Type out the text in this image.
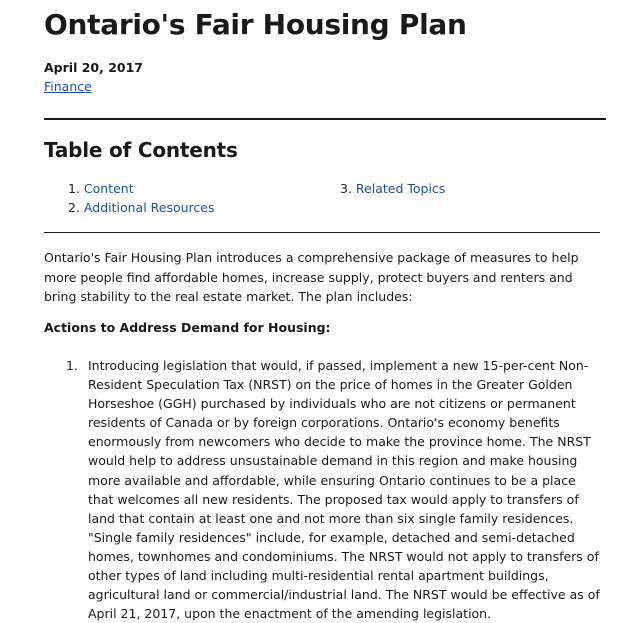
Ontario's Fair Housing Plan
April 20, 2017
Finance
Table of Contents
1. Content
2. Additional Resources
3. Related Topics

Ontario's Fair Housing Plan introduces a comprehensive package of measures to help more people find affordable homes, increase supply, protect buyers and renters and bring stability to the real estate market. The plan includes:

Actions to Address Demand for Housing:

1. Introducing legislation that would, if passed, implement a new 15-per-cent Non-Resident Speculation Tax (NRST) on the price of homes in the Greater Golden Horseshoe (GGH) purchased by individuals who are not citizens or permanent residents of Canada or by foreign corporations. Ontario's economy benefits enormously from newcomers who decide to make the province home. The NRST would help to address unsustainable demand in this region and make housing more available and affordable, while ensuring Ontario continues to be a place that welcomes all new residents. The proposed tax would apply to transfers of land that contain at least one and not more than six single family residences. "Single family residences" include, for example, detached and semi-detached homes, townhomes and condominiums. The NRST would not apply to transfers of other types of land including multi-residential rental apartment buildings, agricultural land or commercial/industrial land. The NRST would be effective as of April 21, 2017, upon the enactment of the amending legislation.
